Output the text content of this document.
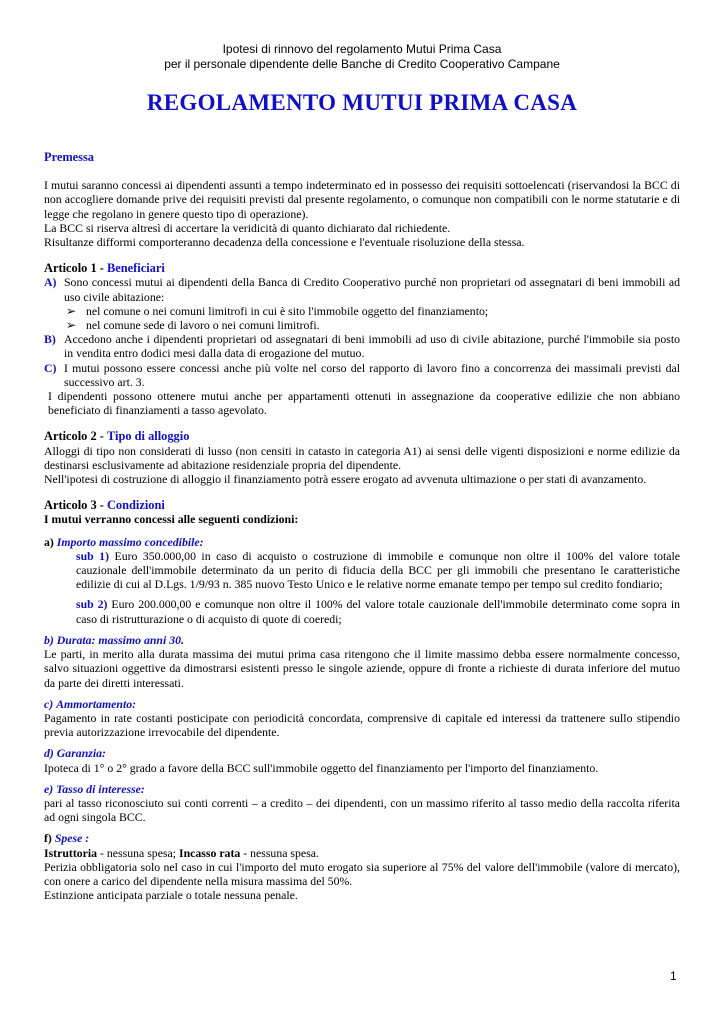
Ipotesi di rinnovo del regolamento Mutui Prima Casa
per il personale dipendente delle Banche di Credito Cooperativo Campane
REGOLAMENTO MUTUI PRIMA CASA
Premessa

I mutui saranno concessi ai dipendenti assunti a tempo indeterminato ed in possesso dei requisiti sottoelencati (riservandosi la BCC di non accogliere domande prive dei requisiti previsti dal presente regolamento, o comunque non compatibili con le norme statutarie e di legge che regolano in genere questo tipo di operazione).

La BCC si riserva altresì di accertare la veridicità di quanto dichiarato dal richiedente.

Risultanze difformi comporteranno decadenza della concessione e l'eventuale risoluzione della stessa.

Articolo 1 - Beneficiari
A) Sono concessi mutui ai dipendenti della Banca di Credito Cooperativo purché non proprietari od assegnatari di beni immobili ad uso civile abitazione:
➢ nel comune o nei comuni limitrofi in cui è sito l'immobile oggetto del finanziamento;
➢ nel comune sede di lavoro o nei comuni limitrofi.
B) Accedono anche i dipendenti proprietari od assegnatari di beni immobili ad uso di civile abitazione, purché l'immobile sia posto in vendita entro dodici mesi dalla data di erogazione del mutuo.
C) I mutui possono essere concessi anche più volte nel corso del rapporto di lavoro fino a concorrenza dei massimali previsti dal successivo art. 3.

I dipendenti possono ottenere mutui anche per appartamenti ottenuti in assegnazione da cooperative edilizie che non abbiano beneficiato di finanziamenti a tasso agevolato.

Articolo 2 - Tipo di alloggio

Alloggi di tipo non considerati di lusso (non censiti in catasto in categoria A1) ai sensi delle vigenti disposizioni e norme edilizie da destinarsi esclusivamente ad abitazione residenziale propria del dipendente.

Nell'ipotesi di costruzione di alloggio il finanziamento potrà essere erogato ad avvenuta ultimazione o per stati di avanzamento.

Articolo 3 - Condizioni

I mutui verranno concessi alle seguenti condizioni:

a) Importo massimo concedibile:
sub 1) Euro 350.000,00 in caso di acquisto o costruzione di immobile e comunque non oltre il 100% del valore totale cauzionale dell'immobile determinato da un perito di fiducia della BCC per gli immobili che presentano le caratteristiche edilizie di cui al D.Lgs. 1/9/93 n. 385 nuovo Testo Unico e le relative norme emanate tempo per tempo sul credito fondiario;
sub 2) Euro 200.000,00 e comunque non oltre il 100% del valore totale cauzionale dell'immobile determinato come sopra in caso di ristrutturazione o di acquisto di quote di coeredi;
b) Durata: massimo anni 30.

Le parti, in merito alla durata massima dei mutui prima casa ritengono che il limite massimo debba essere normalmente concesso, salvo situazioni oggettive da dimostrarsi esistenti presso le singole aziende, oppure di fronte a richieste di durata inferiore del mutuo da parte dei diretti interessati.

c) Ammortamento:

Pagamento in rate costanti posticipate con periodicità concordata, comprensive di capitale ed interessi da trattenere sullo stipendio previa autorizzazione irrevocabile del dipendente.

d) Garanzia:

Ipoteca di 1° o 2° grado a favore della BCC sull'immobile oggetto del finanziamento per l'importo del finanziamento.

e) Tasso di interesse:

pari al tasso riconosciuto sui conti correnti – a credito – dei dipendenti, con un massimo riferito al tasso medio della raccolta riferita ad ogni singola BCC.

f) Spese :

Istruttoria - nessuna spesa; Incasso rata - nessuna spesa.

Perizia obbligatoria solo nel caso in cui l'importo del muto erogato sia superiore al 75% del valore dell'immobile (valore di mercato), con onere a carico del dipendente nella misura massima del 50%.

Estinzione anticipata parziale o totale nessuna penale.

1
